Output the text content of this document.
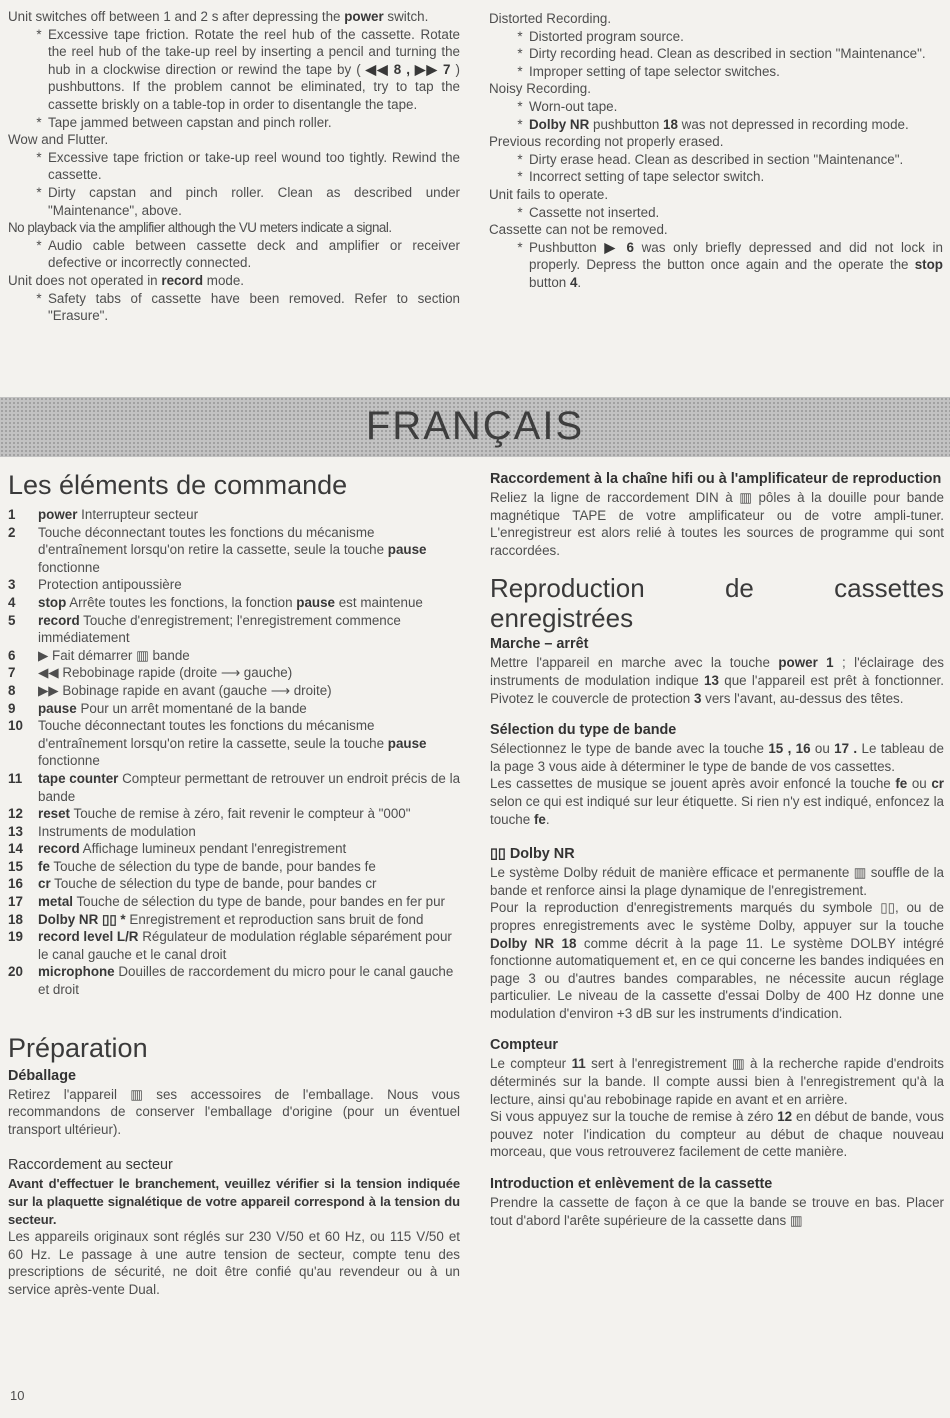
Unit switches off between 1 and 2 s after depressing the power switch.

* Excessive tape friction. Rotate the reel hub of the cassette. Rotate the reel hub of the take-up reel by inserting a pencil and turning the hub in a clockwise direction or rewind the tape by ( ◀◀ 8 , ▶▶ 7 ) pushbuttons. If the problem cannot be eliminated, try to tap the cassette briskly on a table-top in order to disentangle the tape.
* Tape jammed between capstan and pinch roller.

Wow and Flutter.

* Excessive tape friction or take-up reel wound too tightly. Rewind the cassette.
* Dirty capstan and pinch roller. Clean as described under "Maintenance", above.

No playback via the amplifier although the VU meters indicate a signal.

* Audio cable between cassette deck and amplifier or receiver defective or incorrectly connected.

Unit does not operated in record mode.

* Safety tabs of cassette have been removed. Refer to section "Erasure".

Distorted Recording.

* Distorted program source.
* Dirty recording head. Clean as described in section "Maintenance".
* Improper setting of tape selector switches.

Noisy Recording.

* Worn-out tape.
* Dolby NR pushbutton 18 was not depressed in recording mode.

Previous recording not properly erased.

* Dirty erase head. Clean as described in section "Maintenance".
* Incorrect setting of tape selector switch.

Unit fails to operate.

* Cassette not inserted.

Cassette can not be removed.

* Pushbutton ▶ 6 was only briefly depressed and did not lock in properly. Depress the button once again and the operate the stop button 4.
FRANÇAIS
Les éléments de commande
1	power Interrupteur secteur
2	Touche déconnectant toutes les fonctions du mécanisme d'entraînement lorsqu'on retire la cassette, seule la touche pause fonctionne
3	Protection antipoussière
4	stop Arrête toutes les fonctions, la fonction pause est maintenue
5	record Touche d'enregistrement; l'enregistrement commence immédiatement
6	▶ Fait démarrer ▥ bande
7	◀◀ Rebobinage rapide (droite ⟶ gauche)
8	▶▶ Bobinage rapide en avant (gauche ⟶ droite)
9	pause Pour un arrêt momentané de la bande
10	Touche déconnectant toutes les fonctions du mécanisme d'entraînement lorsqu'on retire la cassette, seule la touche pause fonctionne
11	tape counter Compteur permettant de retrouver un endroit précis de la bande
12	reset Touche de remise à zéro, fait revenir le compteur à "000"
13	Instruments de modulation
14	record Affichage lumineux pendant l'enregistrement
15	fe Touche de sélection du type de bande, pour bandes fe
16	cr Touche de sélection du type de bande, pour bandes cr
17	metal Touche de sélection du type de bande, pour bandes en fer pur
18	Dolby NR ▯▯ * Enregistrement et reproduction sans bruit de fond
19	record level L/R Régulateur de modulation réglable séparément pour le canal gauche et le canal droit
20	microphone Douilles de raccordement du micro pour le canal gauche et droit
Préparation
Déballage

Retirez l'appareil ▥ ses accessoires de l'emballage. Nous vous recommandons de conserver l'emballage d'origine (pour un éventuel transport ultérieur).

Raccordement au secteur

Avant d'effectuer le branchement, veuillez vérifier si la tension indiquée sur la plaquette signalétique de votre appareil correspond à la tension du secteur.

Les appareils originaux sont réglés sur 230 V/50 et 60 Hz, ou 115 V/50 et 60 Hz. Le passage à une autre tension de secteur, compte tenu des prescriptions de sécurité, ne doit être confié qu'au revendeur ou à un service après-vente Dual.

Raccordement à la chaîne hifi ou à l'amplificateur de reproduction

Reliez la ligne de raccordement DIN à ▥ pôles à la douille pour bande magnétique TAPE de votre amplificateur ou de votre ampli-tuner. L'enregistreur est alors relié à toutes les sources de programme qui sont raccordées.

Reproduction de cassettes enregistrées
Marche – arrêt

Mettre l'appareil en marche avec la touche power 1 ; l'éclairage des instruments de modulation indique 13 que l'appareil est prêt à fonctionner. Pivotez le couvercle de protection 3 vers l'avant, au-dessus des têtes.

Sélection du type de bande

Sélectionnez le type de bande avec la touche 15 , 16 ou 17 . Le tableau de la page 3 vous aide à déterminer le type de bande de vos cassettes.

Les cassettes de musique se jouent après avoir enfoncé la touche fe ou cr selon ce qui est indiqué sur leur étiquette. Si rien n'y est indiqué, enfoncez la touche fe.

▯▯ Dolby NR

Le système Dolby réduit de manière efficace et permanente ▥ souffle de la bande et renforce ainsi la plage dynamique de l'enregistrement.

Pour la reproduction d'enregistrements marqués du symbole ▯▯, ou de propres enregistrements avec le système Dolby, appuyer sur la touche Dolby NR 18 comme décrit à la page 11. Le système DOLBY intégré fonctionne automatiquement et, en ce qui concerne les bandes indiquées en page 3 ou d'autres bandes comparables, ne nécessite aucun réglage particulier. Le niveau de la cassette d'essai Dolby de 400 Hz donne une modulation d'environ +3 dB sur les instruments d'indication.

Compteur

Le compteur 11 sert à l'enregistrement ▥ à la recherche rapide d'endroits déterminés sur la bande. Il compte aussi bien à l'enregistrement qu'à la lecture, ainsi qu'au rebobinage rapide en avant et en arrière.

Si vous appuyez sur la touche de remise à zéro 12 en début de bande, vous pouvez noter l'indication du compteur au début de chaque nouveau morceau, que vous retrouverez facilement de cette manière.

Introduction et enlèvement de la cassette

Prendre la cassette de façon à ce que la bande se trouve en bas. Placer tout d'abord l'arête supérieure de la cassette dans ▥

10
